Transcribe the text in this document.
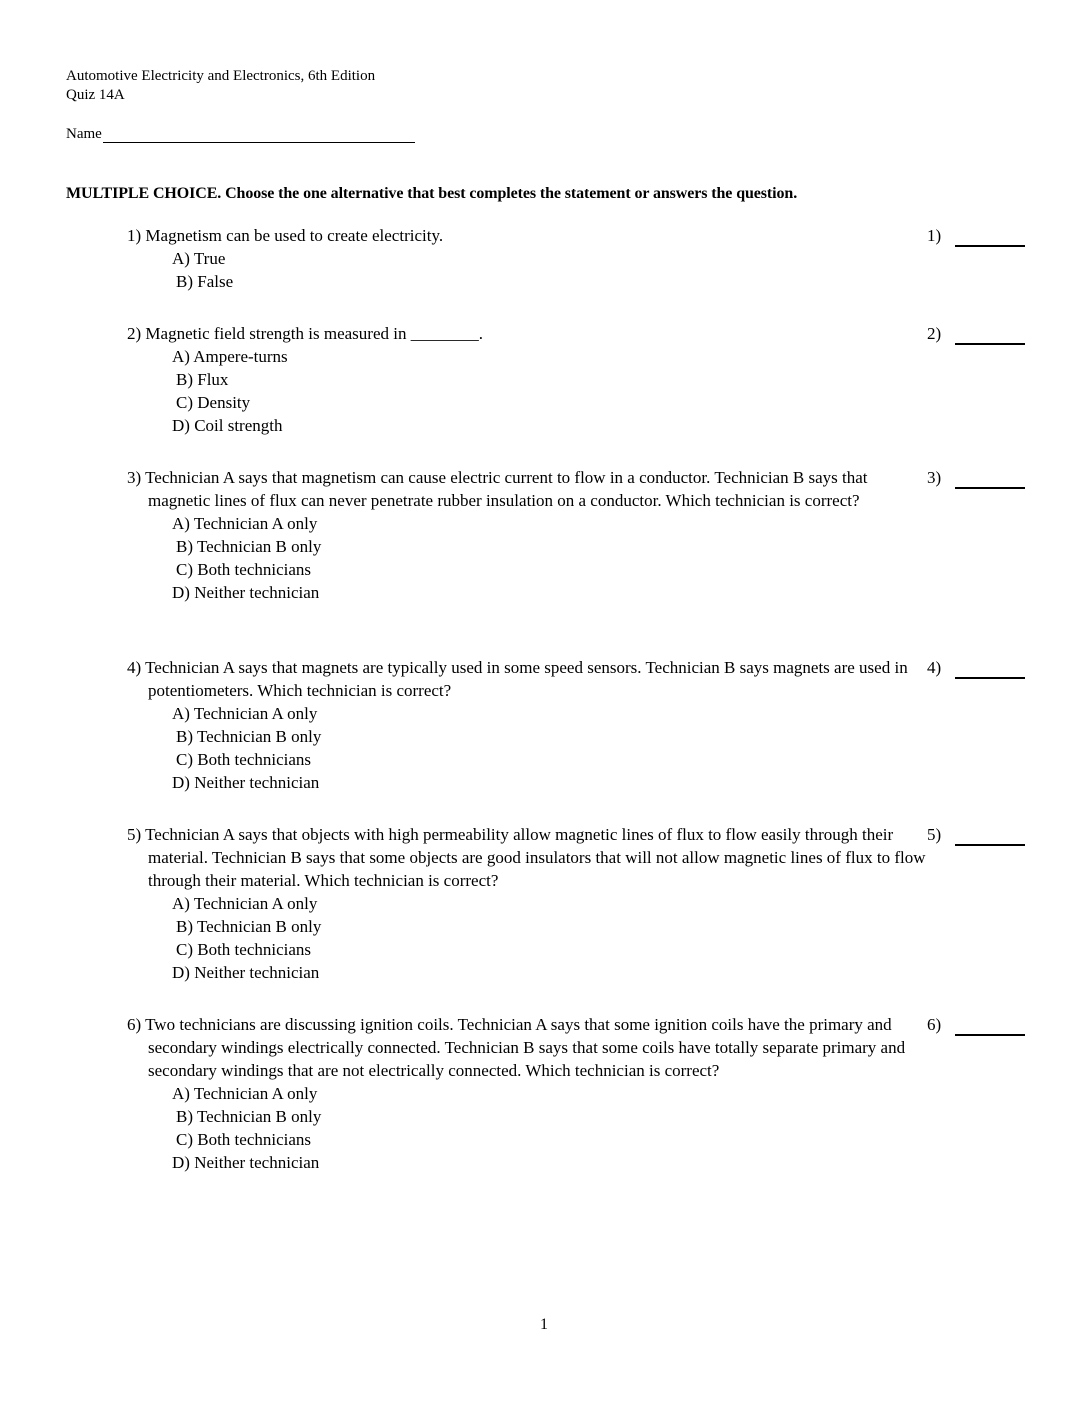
Automotive Electricity and Electronics, 6th Edition
Quiz 14A
Name
MULTIPLE CHOICE. Choose the one alternative that best completes the statement or answers the question.
1) Magnetism can be used to create electricity.
A) True
B) False
1)
2) Magnetic field strength is measured in ________.
A) Ampere-turns
B) Flux
C) Density
D) Coil strength
2)
3) Technician A says that magnetism can cause electric current to flow in a conductor. Technician B says that magnetic lines of flux can never penetrate rubber insulation on a conductor. Which technician is correct?
A) Technician A only
B) Technician B only
C) Both technicians
D) Neither technician
3)
4) Technician A says that magnets are typically used in some speed sensors. Technician B says magnets are used in potentiometers. Which technician is correct?
A) Technician A only
B) Technician B only
C) Both technicians
D) Neither technician
4)
5) Technician A says that objects with high permeability allow magnetic lines of flux to flow easily through their material. Technician B says that some objects are good insulators that will not allow magnetic lines of flux to flow through their material. Which technician is correct?
A) Technician A only
B) Technician B only
C) Both technicians
D) Neither technician
5)
6) Two technicians are discussing ignition coils. Technician A says that some ignition coils have the primary and secondary windings electrically connected. Technician B says that some coils have totally separate primary and secondary windings that are not electrically connected. Which technician is correct?
A) Technician A only
B) Technician B only
C) Both technicians
D) Neither technician
6)
1
